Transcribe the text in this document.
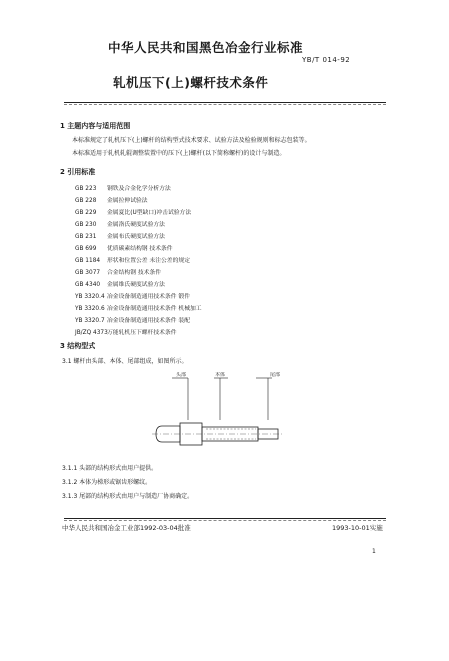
中华人民共和国黑色冶金行业标准
YB/T 014-92
轧机压下(上)螺杆技术条件
1 主题内容与适用范围
本标准规定了轧机压下(上)螺杆的结构型式技术要求、试验方法及检验规则和标志包装等。
本标准适用于轧机轧辊调整装置中的压下(上)螺杆(以下简称螺杆)的设计与制造。
2 引用标准
GB 223 钢铁及合金化学分析方法
GB 228 金属拉伸试验法
GB 229 金属夏比(U型缺口)冲击试验方法
GB 230 金属洛氏硬度试验方法
GB 231 金属布氏硬度试验方法
GB 699 优质碳素结构钢 技术条件
GB 1184 形状和位置公差 未注公差的规定
GB 3077 合金结构钢 技术条件
GB 4340 金属维氏硬度试验方法
YB 3320.4 冶金设备制造通用技术条件 锻件
YB 3320.6 冶金设备制造通用技术条件 机械加工
YB 3320.7 冶金设备制造通用技术条件 装配
JB/ZQ 4373万能轧机压下螺杆技术条件
3 结构型式
3.1 螺杆由头部、本体、尾部组成，如图所示。
头部	本体	尾部
3.1.1 头部的结构形式由用户提供。
3.1.2 本体为梯形或锯齿形螺纹。
3.1.3 尾部的结构形式由用户与制造厂协商确定。
中华人民共和国冶金工业部1992-03-04批准	1993-10-01实施
1
